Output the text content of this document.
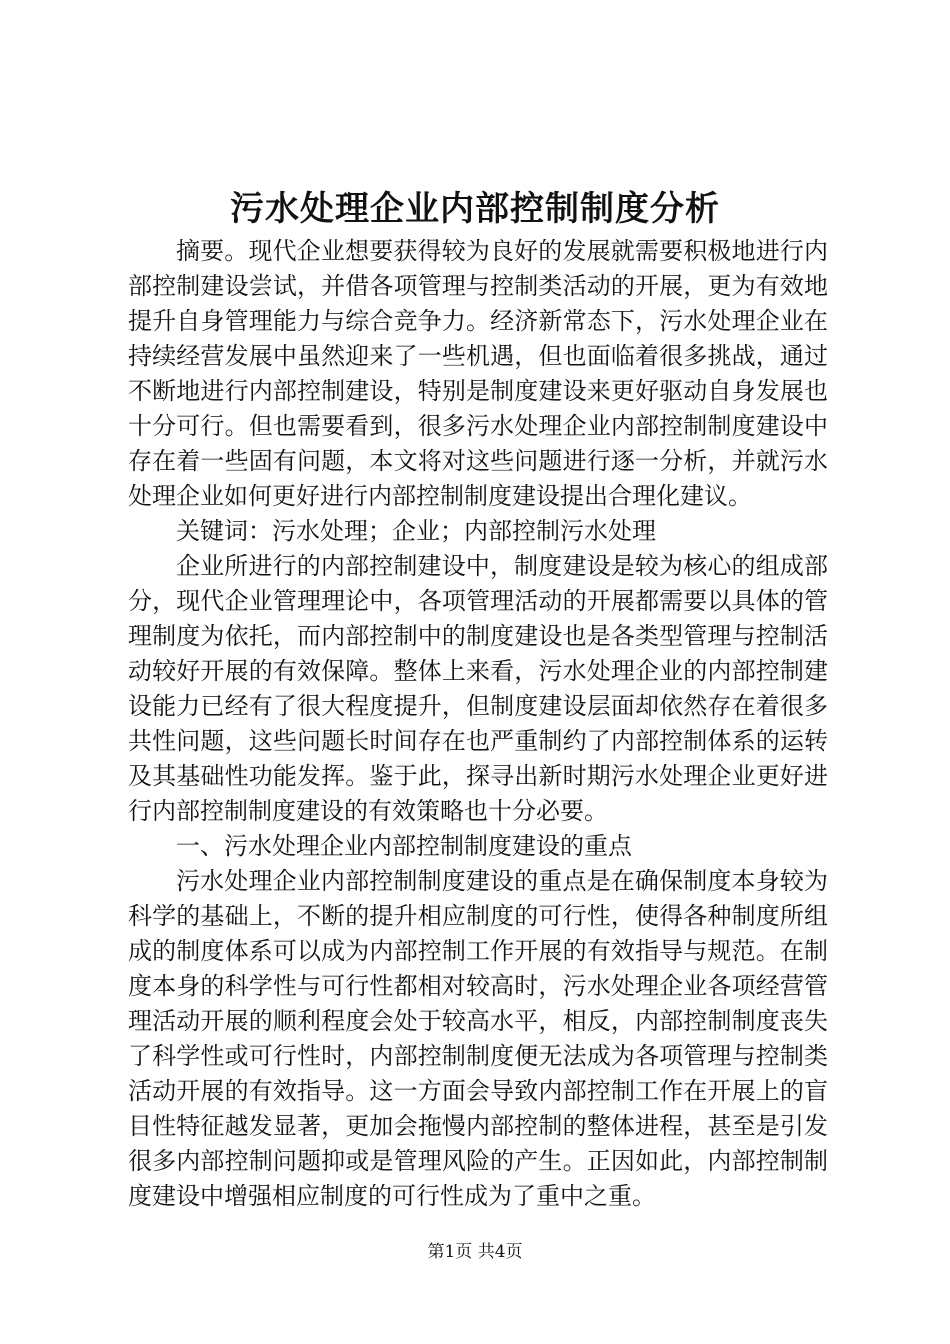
污水处理企业内部控制制度分析

摘要。现代企业想要获得较为良好的发展就需要积极地进行内部控制建设尝试，并借各项管理与控制类活动的开展，更为有效地提升自身管理能力与综合竞争力。经济新常态下，污水处理企业在持续经营发展中虽然迎来了一些机遇，但也面临着很多挑战，通过不断地进行内部控制建设，特别是制度建设来更好驱动自身发展也十分可行。但也需要看到，很多污水处理企业内部控制制度建设中存在着一些固有问题，本文将对这些问题进行逐一分析，并就污水处理企业如何更好进行内部控制制度建设提出合理化建议。

关键词：污水处理；企业；内部控制污水处理

企业所进行的内部控制建设中，制度建设是较为核心的组成部分，现代企业管理理论中，各项管理活动的开展都需要以具体的管理制度为依托，而内部控制中的制度建设也是各类型管理与控制活动较好开展的有效保障。整体上来看，污水处理企业的内部控制建设能力已经有了很大程度提升，但制度建设层面却依然存在着很多共性问题，这些问题长时间存在也严重制约了内部控制体系的运转及其基础性功能发挥。鉴于此，探寻出新时期污水处理企业更好进行内部控制制度建设的有效策略也十分必要。

一、污水处理企业内部控制制度建设的重点

污水处理企业内部控制制度建设的重点是在确保制度本身较为科学的基础上，不断的提升相应制度的可行性，使得各种制度所组成的制度体系可以成为内部控制工作开展的有效指导与规范。在制度本身的科学性与可行性都相对较高时，污水处理企业各项经营管理活动开展的顺利程度会处于较高水平，相反，内部控制制度丧失了科学性或可行性时，内部控制制度便无法成为各项管理与控制类活动开展的有效指导。这一方面会导致内部控制工作在开展上的盲目性特征越发显著，更加会拖慢内部控制的整体进程，甚至是引发很多内部控制问题抑或是管理风险的产生。正因如此，内部控制制度建设中增强相应制度的可行性成为了重中之重。

第1页 共4页
